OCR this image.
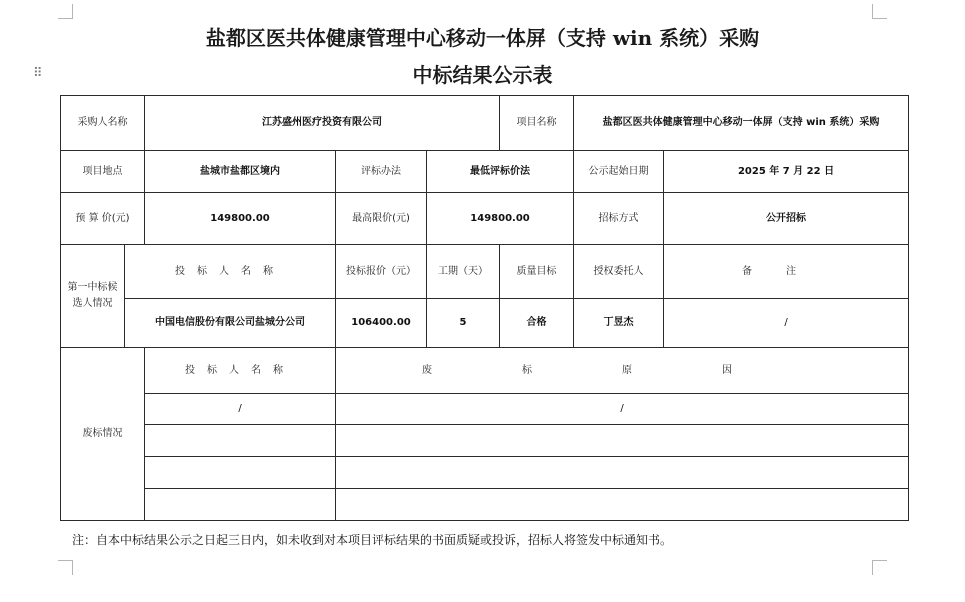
⠿
盐都区医共体健康管理中心移动一体屏（支持 win 系统）采购
中标结果公示表
采购人名称		江苏盛州医疗投资有限公司			项目名称	盐都区医共体健康管理中心移动一体屏（支持 win 系统）采购	
项目地点		盐城市盐都区境内	评标办法	最低评标价法		公示起始日期	2025 年 7 月 22 日
预 算 价(元)		149800.00	最高限价(元)	149800.00		招标方式	公开招标
第一中标候选人情况	投标人名称		投标报价（元）	工期（天）	质量目标	授权委托人	备注
	中国电信股份有限公司盐城分公司		106400.00	5	合格	丁昱杰	/
废标情况		投标人名称	废标原因				
		/	/				

注：自本中标结果公示之日起三日内，如未收到对本项目评标结果的书面质疑或投诉，招标人将签发中标通知书。
